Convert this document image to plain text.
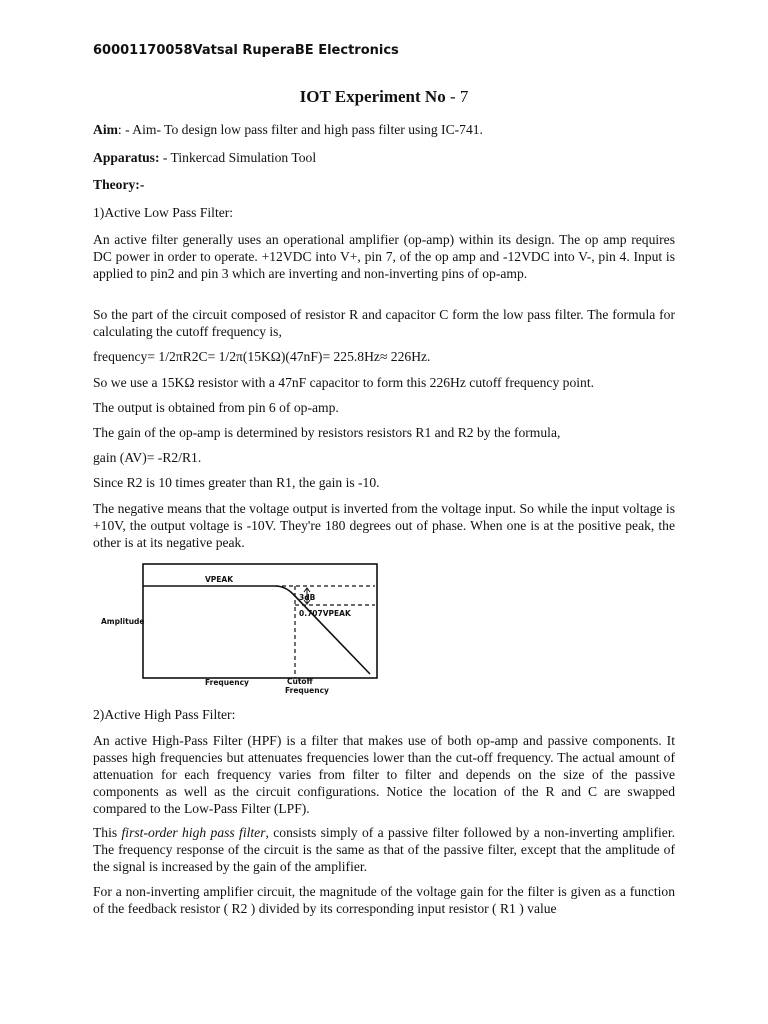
60001170058Vatsal RuperaBE Electronics
IOT Experiment No - 7
Aim: - Aim- To design low pass filter and high pass filter using IC-741.
Apparatus: - Tinkercad Simulation Tool
Theory:-
1)Active Low Pass Filter:

An active filter generally uses an operational amplifier (op-amp) within its design. The op amp requires DC power in order to operate. +12VDC into V+, pin 7, of the op amp and -12VDC into V-, pin 4. Input is applied to pin2 and pin 3 which are inverting and non-inverting pins of op-amp.

So the part of the circuit composed of resistor R and capacitor C form the low pass filter. The formula for calculating the cutoff frequency is,

frequency= 1/2πR2C= 1/2π(15KΩ)(47nF)= 225.8Hz≈ 226Hz.
So we use a 15KΩ resistor with a 47nF capacitor to form this 226Hz cutoff frequency point.
The output is obtained from pin 6 of op-amp.
The gain of the op-amp is determined by resistors resistors R1 and R2 by the formula,
gain (AV)= -R2/R1.
Since R2 is 10 times greater than R1, the gain is -10.

The negative means that the voltage output is inverted from the voltage input. So while the input voltage is +10V, the output voltage is -10V. They're 180 degrees out of phase. When one is at the positive peak, the other is at its negative peak.

VPEAK
3dB
0.707VPEAK
Amplitude
Frequency	Cutoff
Frequency
2)Active High Pass Filter:

An active High-Pass Filter (HPF) is a filter that makes use of both op-amp and passive components. It passes high frequencies but attenuates frequencies lower than the cut-off frequency. The actual amount of attenuation for each frequency varies from filter to filter and depends on the size of the passive components as well as the circuit configurations. Notice the location of the R and C are swapped compared to the Low-Pass Filter (LPF).

This first-order high pass filter, consists simply of a passive filter followed by a non-inverting amplifier. The frequency response of the circuit is the same as that of the passive filter, except that the amplitude of the signal is increased by the gain of the amplifier.

For a non-inverting amplifier circuit, the magnitude of the voltage gain for the filter is given as a function of the feedback resistor ( R2 ) divided by its corresponding input resistor ( R1 ) value
